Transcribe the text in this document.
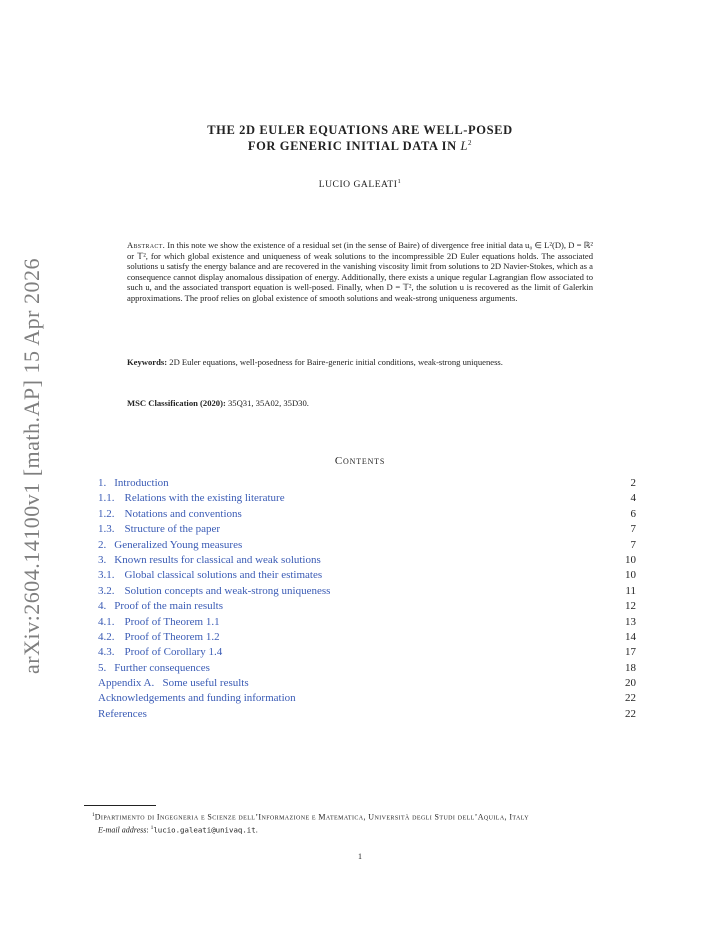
arXiv:2604.14100v1 [math.AP] 15 Apr 2026
THE 2D EULER EQUATIONS ARE WELL-POSED
FOR GENERIC INITIAL DATA IN $L^2$
LUCIO GALEATI$^1$
Abstract. In this note we show the existence of a residual set (in the sense of Baire) of divergence free initial data u₀ ∈ L²(D), D = ℝ² or 𝕋², for which global existence and uniqueness of weak solutions to the incompressible 2D Euler equations holds. The associated solutions u satisfy the energy balance and are recovered in the vanishing viscosity limit from solutions to 2D Navier-Stokes, which as a consequence cannot display anomalous dissipation of energy. Additionally, there exists a unique regular Lagrangian flow associated to such u, and the associated transport equation is well-posed. Finally, when D = 𝕋², the solution u is recovered as the limit of Galerkin approximations. The proof relies on global existence of smooth solutions and weak-strong uniqueness arguments.
Keywords: 2D Euler equations, well-posedness for Baire-generic initial conditions, weak-strong uniqueness.
MSC Classification (2020): 35Q31, 35A02, 35D30.
Contents
1. Introduction	2
1.1. Relations with the existing literature	4
1.2. Notations and conventions	6
1.3. Structure of the paper	7
2. Generalized Young measures	7
3. Known results for classical and weak solutions	10
3.1. Global classical solutions and their estimates	10
3.2. Solution concepts and weak-strong uniqueness	11
4. Proof of the main results	12
4.1. Proof of Theorem 1.1	13
4.2. Proof of Theorem 1.2	14
4.3. Proof of Corollary 1.4	17
5. Further consequences	18
Appendix A.   Some useful results	20
Acknowledgements and funding information	22
References	22
$^1$Dipartimento di Ingegneria e Scienze dell’Informazione e Matematica, Università degli Studi dell’Aquila, Italy
E-mail address: $^1$lucio.galeati@univaq.it.
1
